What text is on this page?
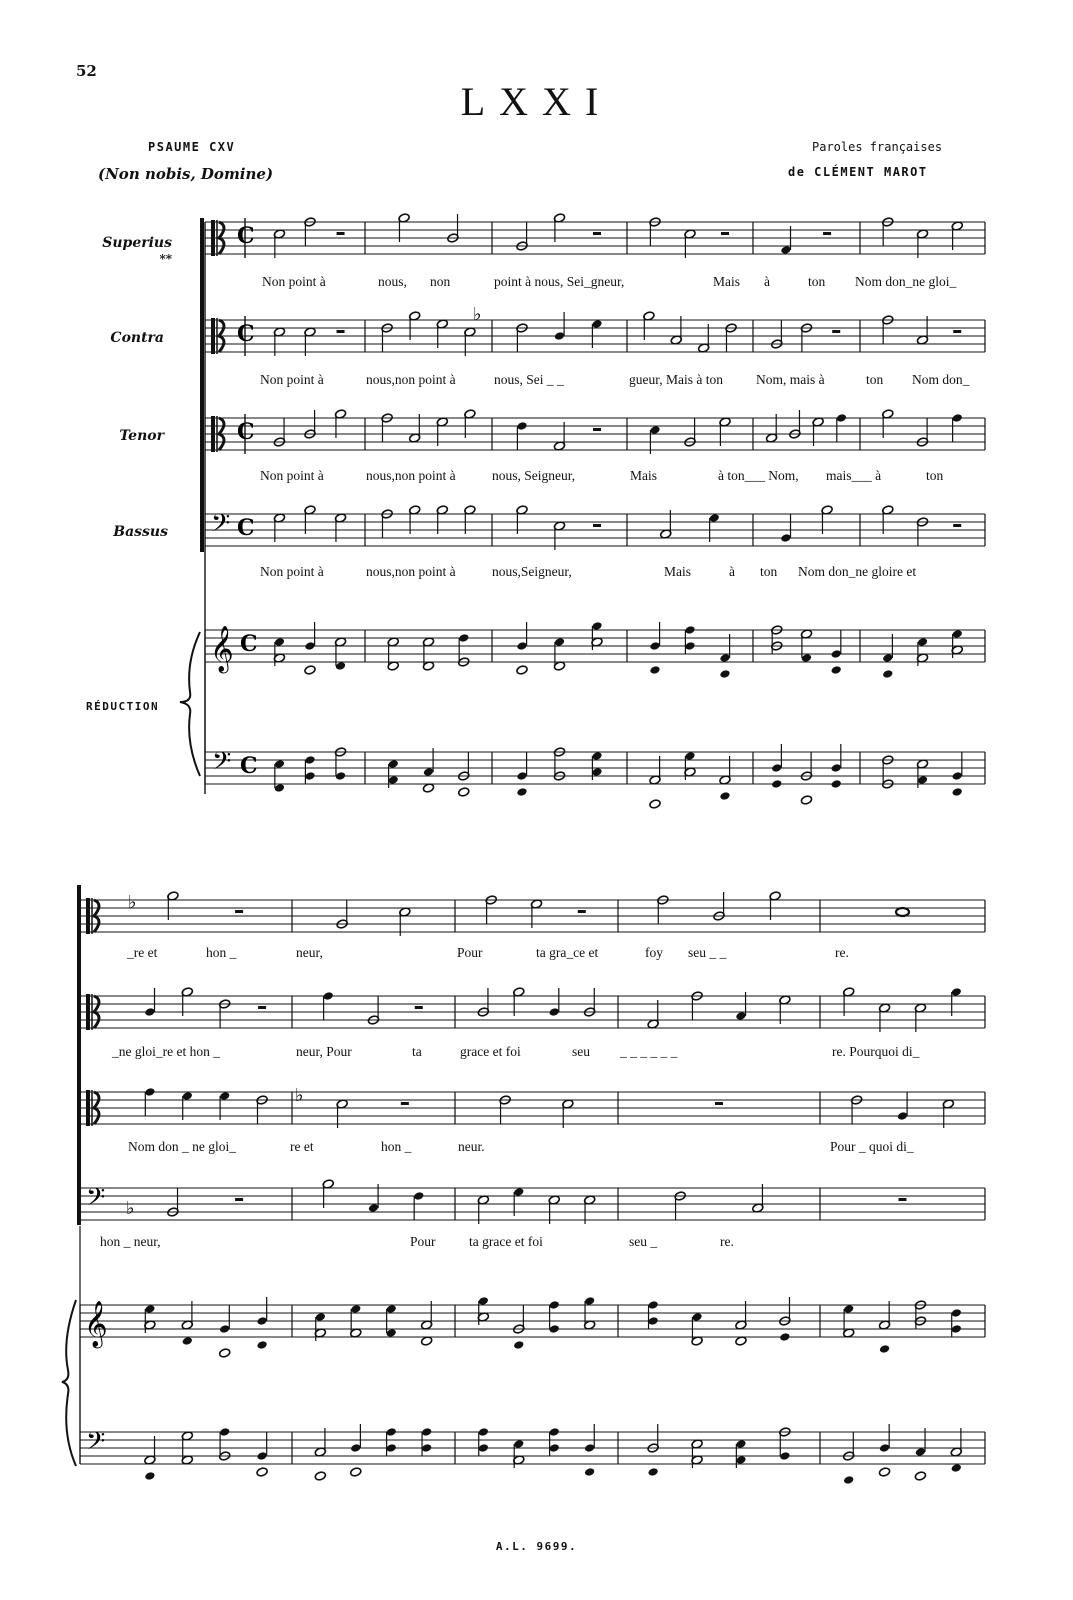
52
LXXI
PSAUME CXV
(Non nobis, Domine)
Paroles françaises
de CLÉMENT MAROT
Superius
**
Contra
Tenor
Bassus
RÉDUCTION
C
C
C
𝄢 C
♭
𝄞
𝄢
C
C
𝄢
♭
♭
♭
𝄞
𝄢
Non point à	nous, non	point à nous, Sei_gneur,	Mais à	ton Nom don_ne gloi_
Non point à	nous,non point à	nous, Sei _ _	gueur, Mais à ton Nom, mais à	ton Nom don_
Non point à	nous,non point à	nous, Seigneur,	Mais	à ton___ Nom, mais___ à	ton
Non point à	nous,non point à	nous,Seigneur,	Mais	à ton Nom don_ne gloire et
_re et	hon _	neur,	Pour	ta gra_ce et	foy seu _ _	re.
_ne gloi_re et hon _	neur, Pour	ta	grace et foi	seu _ _ _ _ _ _	re. Pourquoi di_
Nom don _ ne gloi_	re et	hon _	neur.	Pour _ quoi di_
hon _ neur,	Pour ta grace et foi	seu _	re.
A.L. 9699.
